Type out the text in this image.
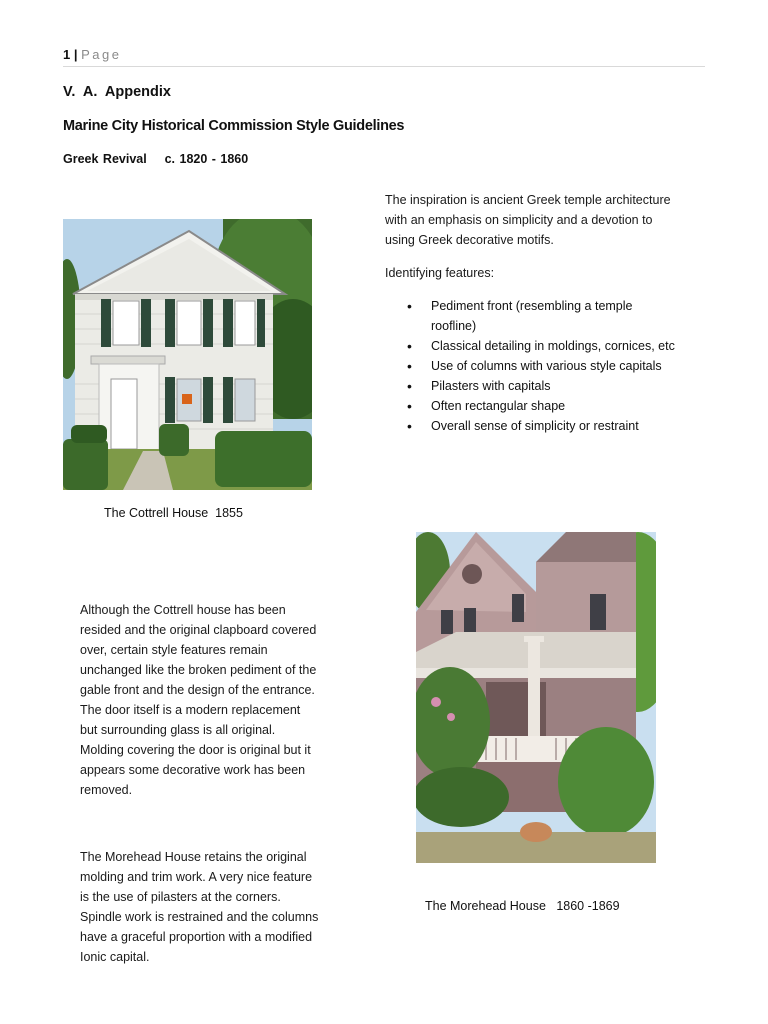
1 | Page
V.  A.  Appendix
Marine City Historical Commission Style Guidelines
Greek Revival    c. 1820 - 1860
The inspiration is ancient Greek temple architecture with an emphasis on simplicity and a devotion to using Greek decorative motifs.
Identifying features:
• Pediment front (resembling a temple roofline)
• Classical detailing in moldings, cornices, etc
• Use of columns with various style capitals
• Pilasters with capitals
• Often rectangular shape
• Overall sense of simplicity or restraint
The Cottrell House  1855
Although the Cottrell house has been resided and the original clapboard covered over, certain style features remain unchanged like the broken pediment of the gable front and the design of the entrance. The door itself is a modern replacement but surrounding glass is all original. Molding covering the door is original but it appears some decorative work has been removed.
The Morehead House retains the original molding and trim work. A very nice feature is the use of pilasters at the corners. Spindle work is restrained and the columns have a graceful proportion with a modified Ionic capital.
The Morehead House   1860 -1869
